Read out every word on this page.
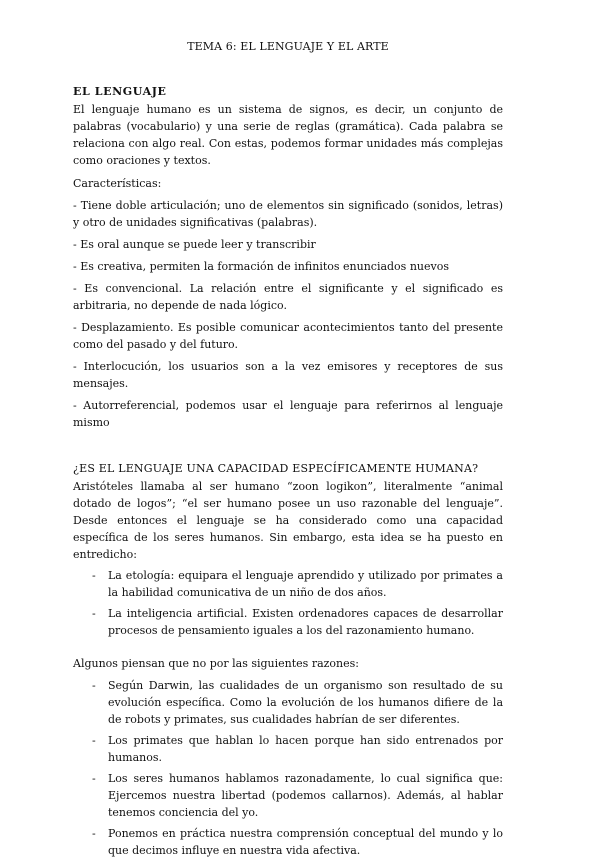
TEMA 6: EL LENGUAJE Y EL ARTE
EL LENGUAJE

El lenguaje humano es un sistema de signos, es decir, un conjunto de palabras (vocabulario) y una serie de reglas (gramática). Cada palabra se relaciona con algo real. Con estas, podemos formar unidades más complejas como oraciones y textos.

Características:

- Tiene doble articulación; uno de elementos sin significado (sonidos, letras) y otro de unidades significativas (palabras).

- Es oral aunque se puede leer y transcribir

- Es creativa, permiten la formación de infinitos enunciados nuevos

- Es convencional. La relación entre el significante y el significado es arbitraria, no depende de nada lógico.

- Desplazamiento. Es posible comunicar acontecimientos tanto del presente como del pasado y del futuro.

- Interlocución, los usuarios son a la vez emisores y receptores de sus mensajes.

- Autorreferencial, podemos usar el lenguaje para referirnos al lenguaje mismo

¿ES EL LENGUAJE UNA CAPACIDAD ESPECÍFICAMENTE HUMANA?

Aristóteles llamaba al ser humano “zoon logikon”, literalmente “animal dotado de logos”; “el ser humano posee un uso razonable del lenguaje”. Desde entonces el lenguaje se ha considerado como una capacidad específica de los seres humanos. Sin embargo, esta idea se ha puesto en entredicho:

- La etología: equipara el lenguaje aprendido y utilizado por primates a la habilidad comunicativa de un niño de dos años.
- La inteligencia artificial. Existen ordenadores capaces de desarrollar procesos de pensamiento iguales a los del razonamiento humano.

Algunos piensan que no por las siguientes razones:

- Según Darwin, las cualidades de un organismo son resultado de su evolución específica. Como la evolución de los humanos difiere de la de robots y primates, sus cualidades habrían de ser diferentes.
- Los primates que hablan lo hacen porque han sido entrenados por humanos.
- Los seres humanos hablamos razonadamente, lo cual significa que: Ejercemos nuestra libertad (podemos callarnos). Además, al hablar tenemos conciencia del yo.
- Ponemos en práctica nuestra comprensión conceptual del mundo y lo que decimos influye en nuestra vida afectiva.
